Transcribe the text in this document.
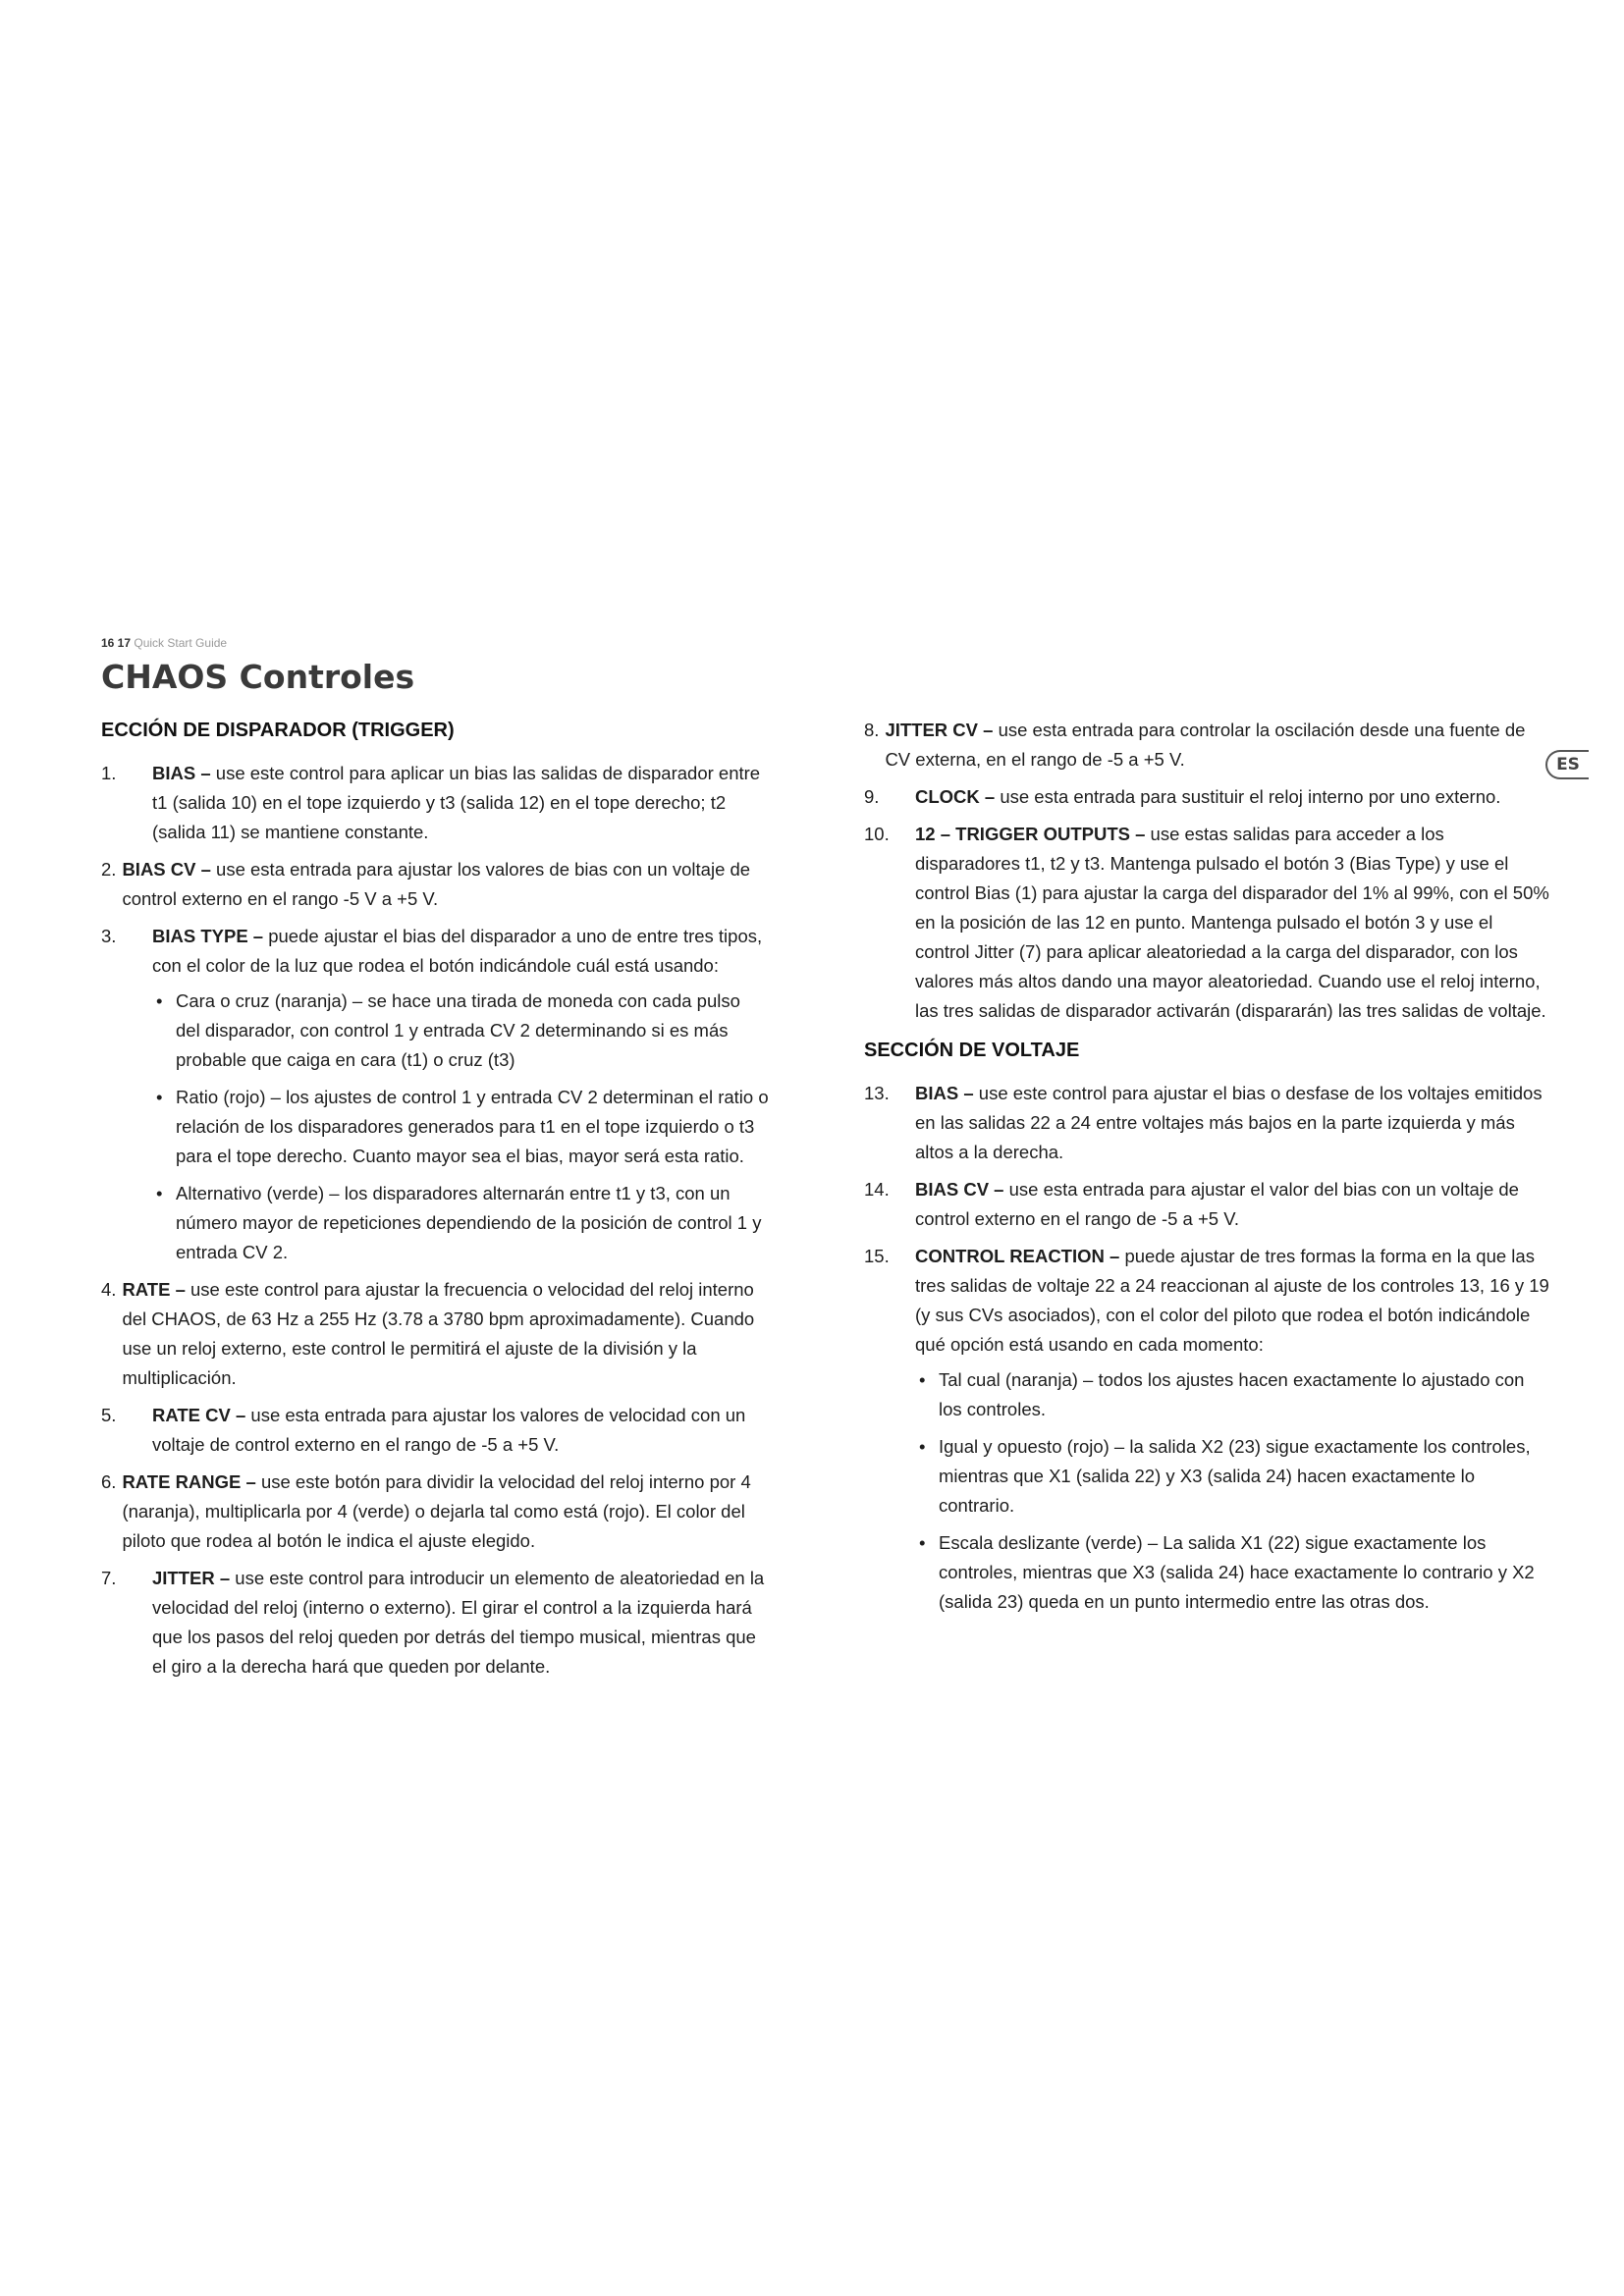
16 17 Quick Start Guide
CHAOS Controles
ES
ECCIÓN DE DISPARADOR (TRIGGER)
1.	BIAS – use este control para aplicar un bias las salidas de disparador entre t1 (salida 10) en el tope izquierdo y t3 (salida 12) en el tope derecho; t2 (salida 11) se mantiene constante.
2. BIAS CV – use esta entrada para ajustar los valores de bias con un voltaje de control externo en el rango -5 V a +5 V.
3.	BIAS TYPE – puede ajustar el bias del disparador a uno de entre tres tipos, con el color de la luz que rodea el botón indicándole cuál está usando:
• Cara o cruz (naranja) – se hace una tirada de moneda con cada pulso del disparador, con control 1 y entrada CV 2 determinando si es más probable que caiga en cara (t1) o cruz (t3)
• Ratio (rojo) – los ajustes de control 1 y entrada CV 2 determinan el ratio o relación de los disparadores generados para t1 en el tope izquierdo o t3 para el tope derecho. Cuanto mayor sea el bias, mayor será esta ratio.
• Alternativo (verde) – los disparadores alternarán entre t1 y t3, con un número mayor de repeticiones dependiendo de la posición de control 1 y entrada CV 2.
4. RATE – use este control para ajustar la frecuencia o velocidad del reloj interno del CHAOS, de 63 Hz a 255 Hz (3.78 a 3780 bpm aproximadamente). Cuando use un reloj externo, este control le permitirá el ajuste de la división y la multiplicación.
5.	RATE CV – use esta entrada para ajustar los valores de velocidad con un voltaje de control externo en el rango de -5 a +5 V.
6. RATE RANGE – use este botón para dividir la velocidad del reloj interno por 4 (naranja), multiplicarla por 4 (verde) o dejarla tal como está (rojo). El color del piloto que rodea al botón le indica el ajuste elegido.
7.	JITTER – use este control para introducir un elemento de aleatoriedad en la velocidad del reloj (interno o externo). El girar el control a la izquierda hará que los pasos del reloj queden por detrás del tiempo musical, mientras que el giro a la derecha hará que queden por delante.
8. JITTER CV – use esta entrada para controlar la oscilación desde una fuente de CV externa, en el rango de -5 a +5 V.
9.	CLOCK – use esta entrada para sustituir el reloj interno por uno externo.
10.	12 – TRIGGER OUTPUTS – use estas salidas para acceder a los disparadores t1, t2 y t3. Mantenga pulsado el botón 3 (Bias Type) y use el control Bias (1) para ajustar la carga del disparador del 1% al 99%, con el 50% en la posición de las 12 en punto. Mantenga pulsado el botón 3 y use el control Jitter (7) para aplicar aleatoriedad a la carga del disparador, con los valores más altos dando una mayor aleatoriedad. Cuando use el reloj interno, las tres salidas de disparador activarán (dispararán) las tres salidas de voltaje.
SECCIÓN DE VOLTAJE
13.	BIAS – use este control para ajustar el bias o desfase de los voltajes emitidos en las salidas 22 a 24 entre voltajes más bajos en la parte izquierda y más altos a la derecha.
14.	BIAS CV – use esta entrada para ajustar el valor del bias con un voltaje de control externo en el rango de -5 a +5 V.
15.	CONTROL REACTION – puede ajustar de tres formas la forma en la que las tres salidas de voltaje 22 a 24 reaccionan al ajuste de los controles 13, 16 y 19 (y sus CVs asociados), con el color del piloto que rodea el botón indicándole qué opción está usando en cada momento:
• Tal cual (naranja) – todos los ajustes hacen exactamente lo ajustado con los controles.
• Igual y opuesto (rojo) – la salida X2 (23) sigue exactamente los controles, mientras que X1 (salida 22) y X3 (salida 24) hacen exactamente lo contrario.
• Escala deslizante (verde) – La salida X1 (22) sigue exactamente los controles, mientras que X3 (salida 24) hace exactamente lo contrario y X2 (salida 23) queda en un punto intermedio entre las otras dos.
